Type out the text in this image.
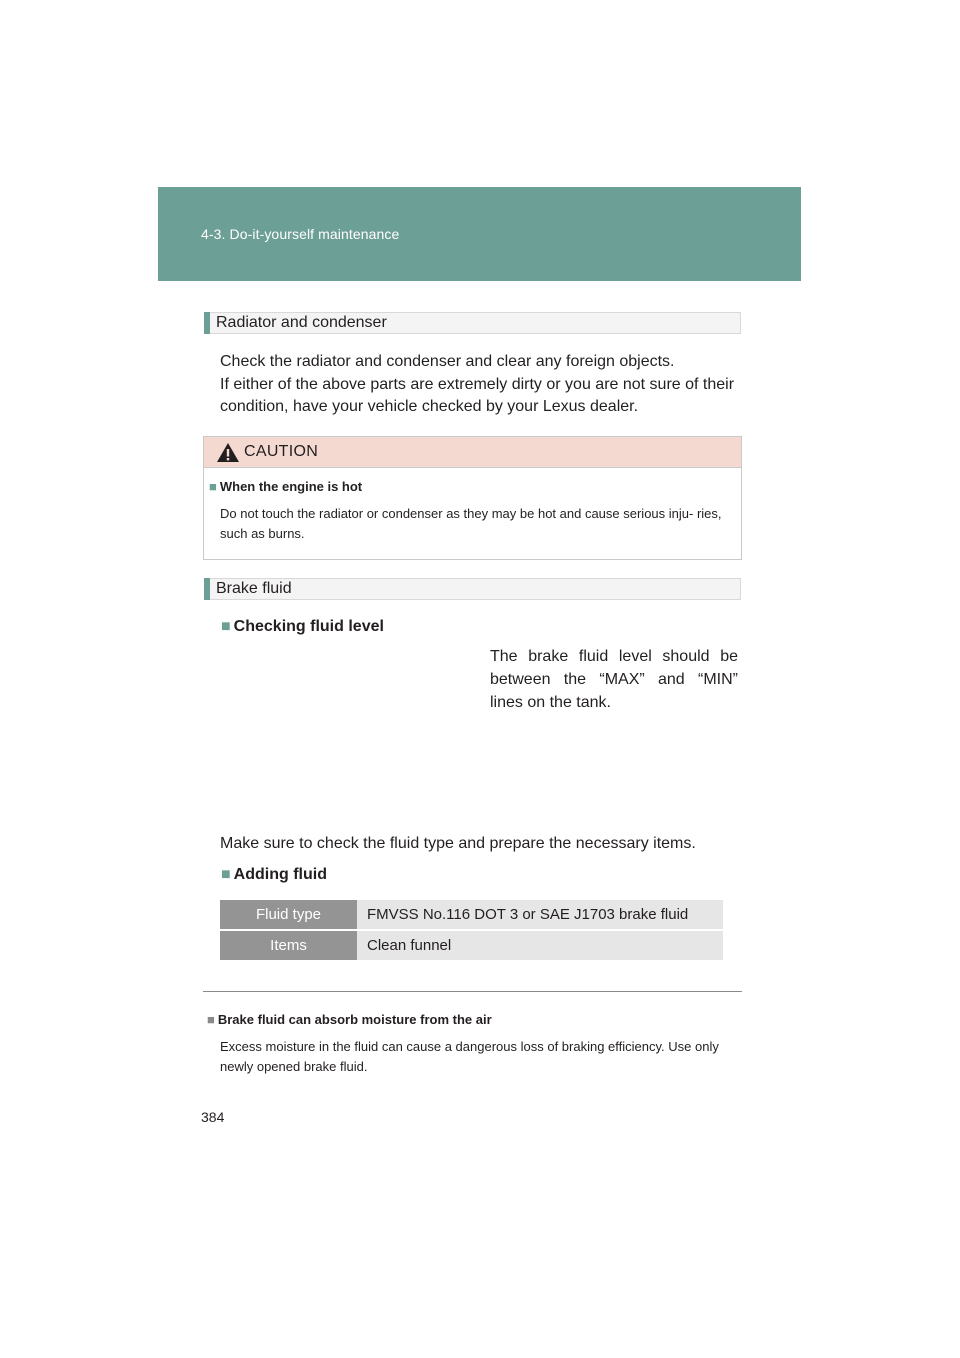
4-3. Do-it-yourself maintenance
Radiator and condenser

Check the radiator and condenser and clear any foreign objects.

If either of the above parts are extremely dirty or you are not sure of their condition, have your vehicle checked by your Lexus dealer.

CAUTION
■ When the engine is hot
Do not touch the radiator or condenser as they may be hot and cause serious inju- ries, such as burns.
Brake fluid
■ Checking fluid level
The brake fluid level should be between the “MAX” and “MIN” lines on the tank.
Make sure to check the fluid type and prepare the necessary items.
■ Adding fluid
Fluid type	FMVSS No.116 DOT 3 or SAE J1703 brake fluid
Items	Clean funnel
■ Brake fluid can absorb moisture from the air
Excess moisture in the fluid can cause a dangerous loss of braking efficiency. Use only newly opened brake fluid.
384
